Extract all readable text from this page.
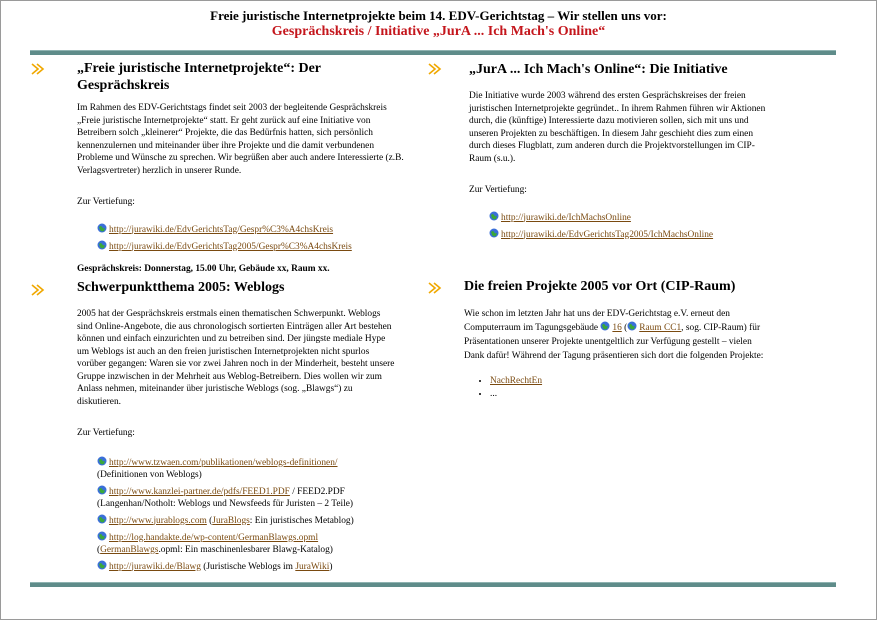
Freie juristische Internetprojekte beim 14. EDV-Gerichtstag – Wir stellen uns vor:
Gesprächskreis / Initiative „JurA ... Ich Mach's Online“
„Freie juristische Internetprojekte“: Der Gesprächskreis

Im Rahmen des EDV-Gerichtstags findet seit 2003 der begleitende Gesprächskreis „Freie juristische Internetprojekte“ statt. Er geht zurück auf eine Initiative von Betreibern solch „kleinerer“ Projekte, die das Bedürfnis hatten, sich persönlich kennenzulernen und miteinander über ihre Projekte und die damit verbundenen Probleme und Wünsche zu sprechen. Wir begrüßen aber auch andere Interessierte (z.B. Verlagsvertreter) herzlich in unserer Runde.

Zur Vertiefung:

http://jurawiki.de/EdvGerichtsTag/Gespr%C3%A4chsKreis
http://jurawiki.de/EdvGerichtsTag2005/Gespr%C3%A4chsKreis

Gesprächskreis: Donnerstag, 15.00 Uhr, Gebäude xx, Raum xx.

„JurA ... Ich Mach's Online“: Die Initiative

Die Initiative wurde 2003 während des ersten Gesprächskreises der freien juristischen Internetprojekte gegründet.. In ihrem Rahmen führen wir Aktionen durch, die (künftige) Interessierte dazu motivieren sollen, sich mit uns und unseren Projekten zu beschäftigen. In diesem Jahr geschieht dies zum einen durch dieses Flugblatt, zum anderen durch die Projektvorstellungen im CIP-Raum (s.u.).

Zur Vertiefung:

http://jurawiki.de/IchMachsOnline
http://jurawiki.de/EdvGerichtsTag2005/IchMachsOnline
Schwerpunktthema 2005: Weblogs

2005 hat der Gesprächskreis erstmals einen thematischen Schwerpunkt. Weblogs sind Online-Angebote, die aus chronologisch sortierten Einträgen aller Art bestehen können und einfach einzurichten und zu betreiben sind. Der jüngste mediale Hype um Weblogs ist auch an den freien juristischen Internetprojekten nicht spurlos vorüber gegangen: Waren sie vor zwei Jahren noch in der Minderheit, besteht unsere Gruppe inzwischen in der Mehrheit aus Weblog-Betreibern. Dies wollen wir zum Anlass nehmen, miteinander über juristische Weblogs (sog. „Blawgs“) zu diskutieren.

Zur Vertiefung:

http://www.tzwaen.com/publikationen/weblogs-definitionen/
(Definitionen von Weblogs)
http://www.kanzlei-partner.de/pdfs/FEED1.PDF / FEED2.PDF
(Langenhan/Notholt: Weblogs und Newsfeeds für Juristen – 2 Teile)
http://www.jurablogs.com (JuraBlogs: Ein juristisches Metablog)
http://log.handakte.de/wp-content/GermanBlawgs.opml
(GermanBlawgs.opml: Ein maschinenlesbarer Blawg-Katalog)
http://jurawiki.de/Blawg (Juristische Weblogs im JuraWiki)
Die freien Projekte 2005 vor Ort (CIP-Raum)

Wie schon im letzten Jahr hat uns der EDV-Gerichtstag e.V. erneut den Computerraum im Tagungsgebäude 16 ( Raum CC1, sog. CIP-Raum) für Präsentationen unserer Projekte unentgeltlich zur Verfügung gestellt – vielen Dank dafür! Während der Tagung präsentieren sich dort die folgenden Projekte:

• NachRechtEn
• ...
